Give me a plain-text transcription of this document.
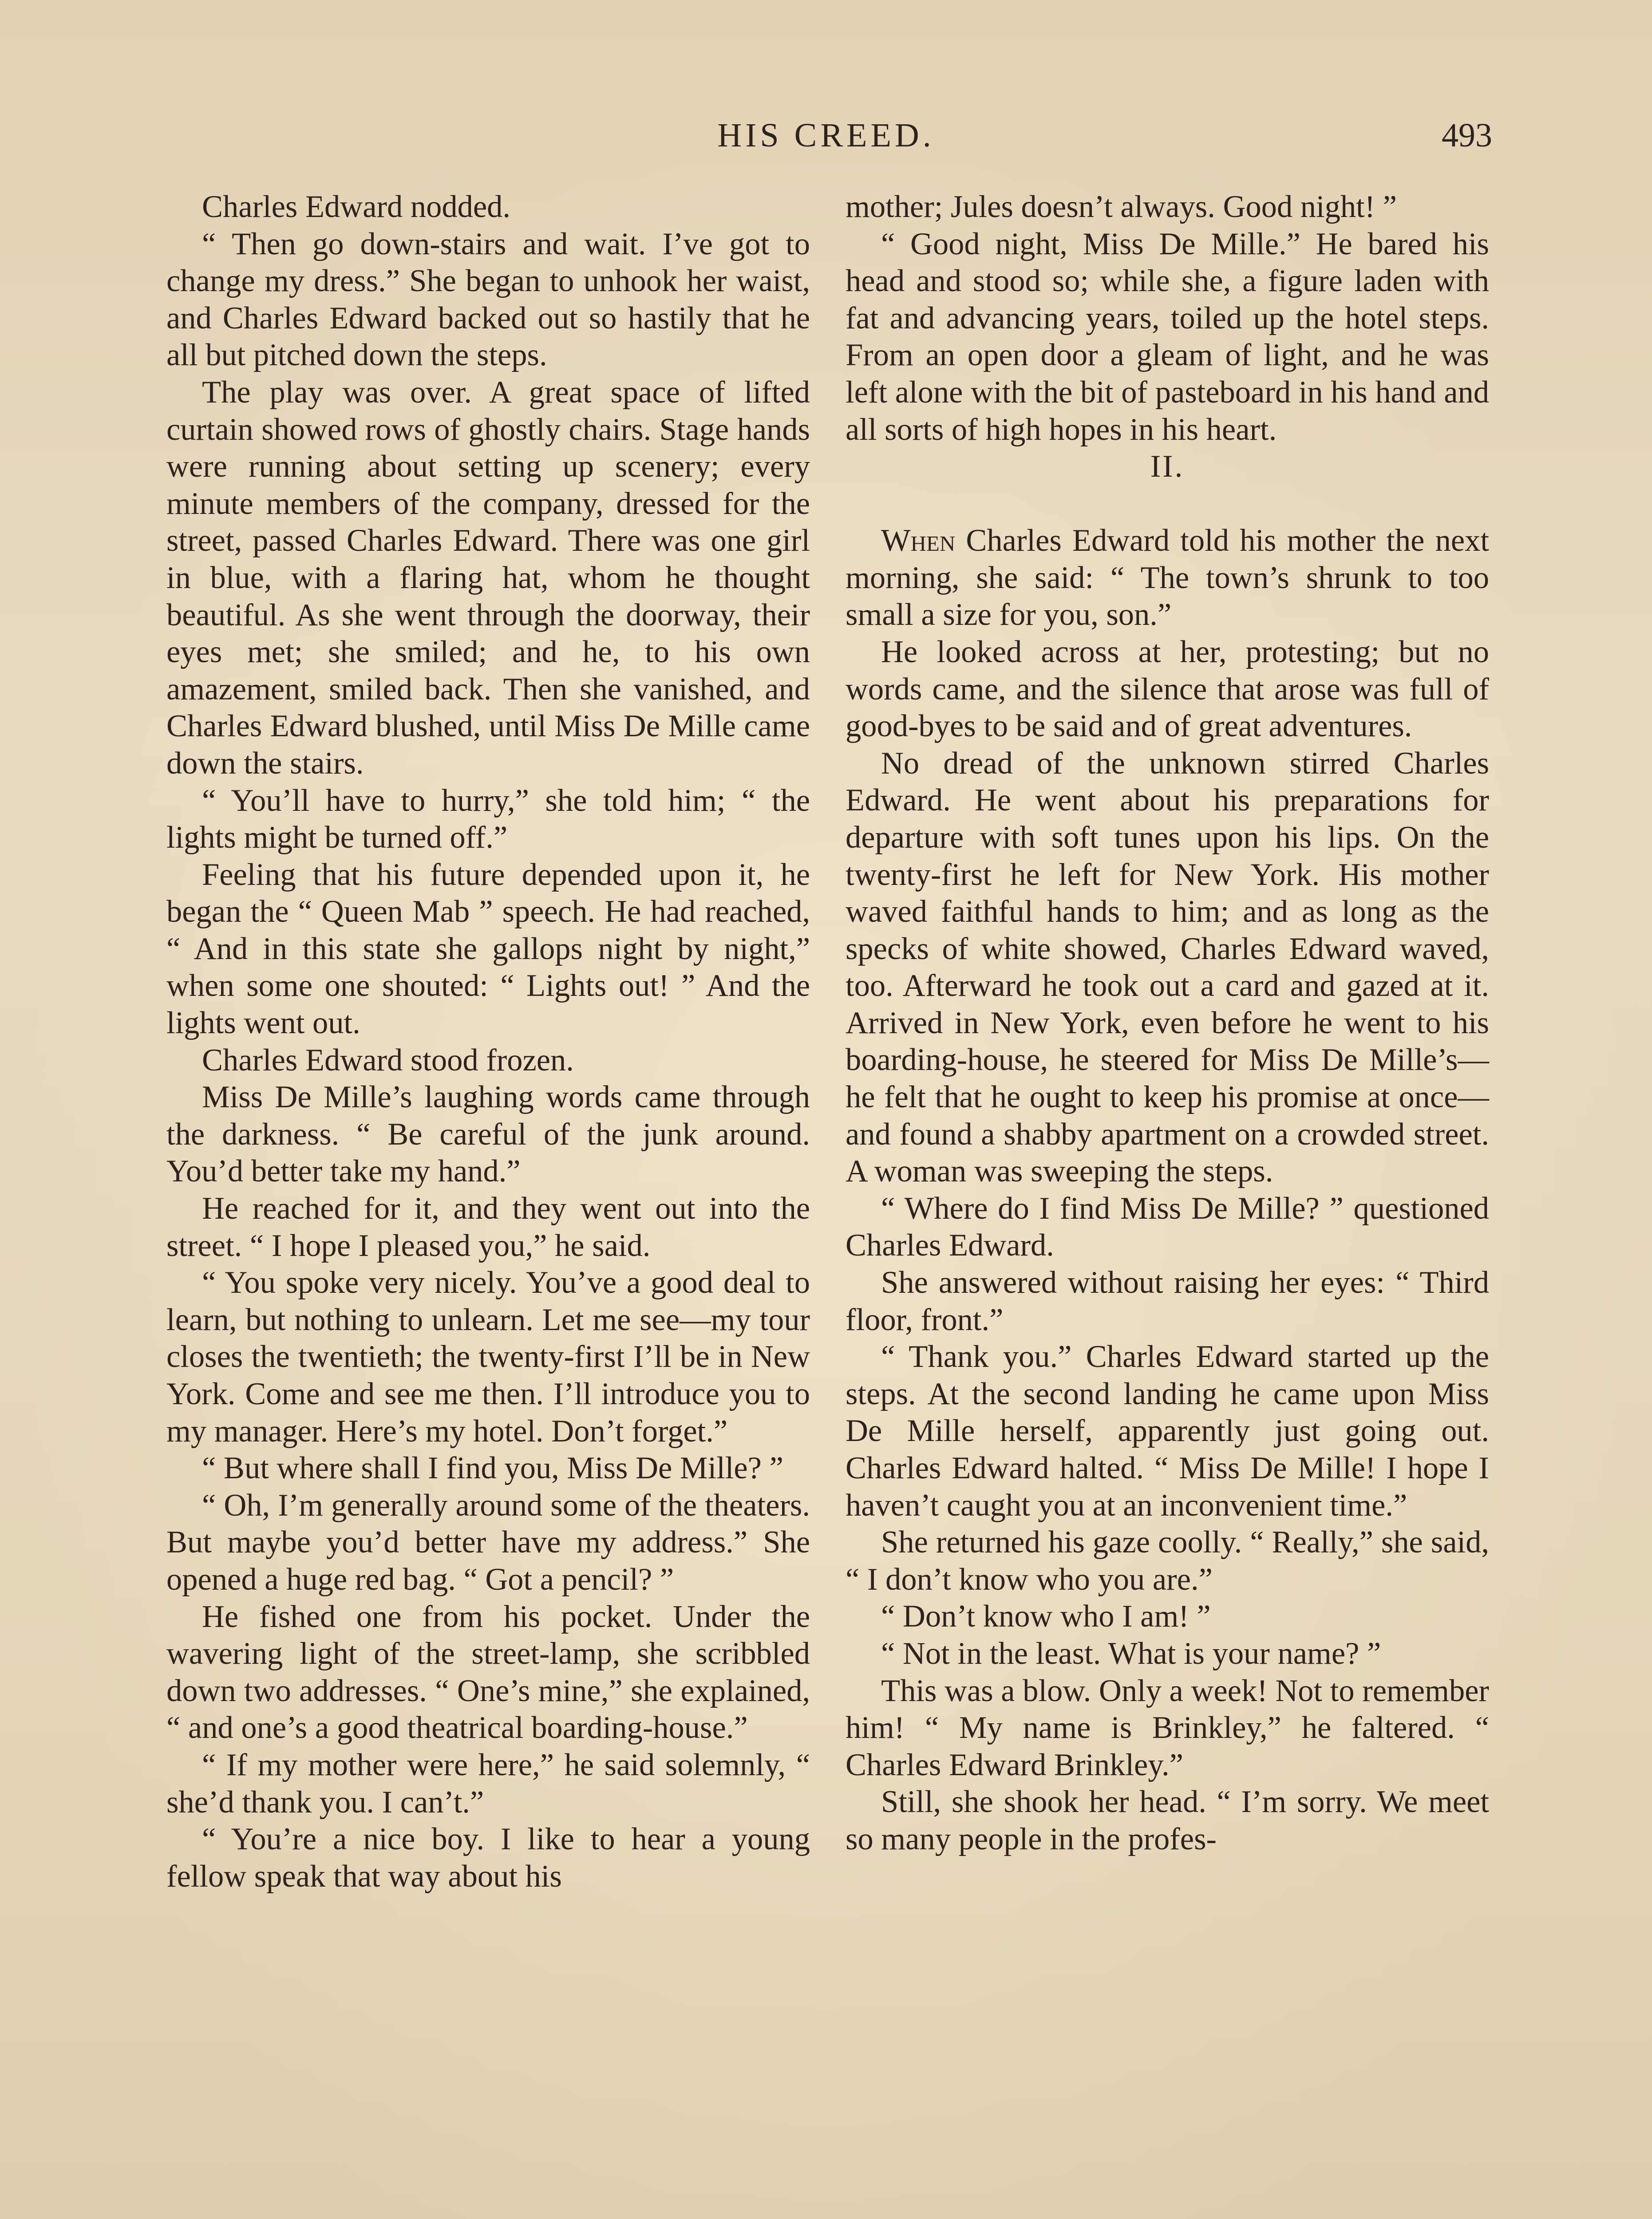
HIS CREED.	493

Charles Edward nodded.

“ Then go down-stairs and wait. I’ve got to change my dress.” She began to unhook her waist, and Charles Edward backed out so hastily that he all but pitched down the steps.

The play was over. A great space of lifted curtain showed rows of ghostly chairs. Stage hands were running about setting up scenery; every minute members of the company, dressed for the street, passed Charles Edward. There was one girl in blue, with a flaring hat, whom he thought beautiful. As she went through the doorway, their eyes met; she smiled; and he, to his own amazement, smiled back. Then she vanished, and Charles Edward blushed, until Miss De Mille came down the stairs.

“ You’ll have to hurry,” she told him; “ the lights might be turned off.”

Feeling that his future depended upon it, he began the “ Queen Mab ” speech. He had reached, “ And in this state she gallops night by night,” when some one shouted: “ Lights out! ” And the lights went out.

Charles Edward stood frozen.

Miss De Mille’s laughing words came through the darkness. “ Be careful of the junk around. You’d better take my hand.”

He reached for it, and they went out into the street. “ I hope I pleased you,” he said.

“ You spoke very nicely. You’ve a good deal to learn, but nothing to unlearn. Let me see—my tour closes the twentieth; the twenty-first I’ll be in New York. Come and see me then. I’ll introduce you to my manager. Here’s my hotel. Don’t forget.”

“ But where shall I find you, Miss De Mille? ”

“ Oh, I’m generally around some of the theaters. But maybe you’d better have my address.” She opened a huge red bag. “ Got a pencil? ”

He fished one from his pocket. Under the wavering light of the street-lamp, she scribbled down two addresses. “ One’s mine,” she explained, “ and one’s a good theatrical boarding-house.”

“ If my mother were here,” he said solemnly, “ she’d thank you. I can’t.”

“ You’re a nice boy. I like to hear a young fellow speak that way about his

mother; Jules doesn’t always. Good night! ”

“ Good night, Miss De Mille.” He bared his head and stood so; while she, a figure laden with fat and advancing years, toiled up the hotel steps. From an open door a gleam of light, and he was left alone with the bit of pasteboard in his hand and all sorts of high hopes in his heart.

II.

When Charles Edward told his mother the next morning, she said: “ The town’s shrunk to too small a size for you, son.”

He looked across at her, protesting; but no words came, and the silence that arose was full of good-byes to be said and of great adventures.

No dread of the unknown stirred Charles Edward. He went about his preparations for departure with soft tunes upon his lips. On the twenty-first he left for New York. His mother waved faithful hands to him; and as long as the specks of white showed, Charles Edward waved, too. Afterward he took out a card and gazed at it. Arrived in New York, even before he went to his boarding-house, he steered for Miss De Mille’s—he felt that he ought to keep his promise at once—and found a shabby apartment on a crowded street. A woman was sweeping the steps.

“ Where do I find Miss De Mille? ” questioned Charles Edward.

She answered without raising her eyes: “ Third floor, front.”

“ Thank you.” Charles Edward started up the steps. At the second landing he came upon Miss De Mille herself, apparently just going out. Charles Edward halted. “ Miss De Mille! I hope I haven’t caught you at an inconvenient time.”

She returned his gaze coolly. “ Really,” she said, “ I don’t know who you are.”

“ Don’t know who I am! ”

“ Not in the least. What is your name? ”

This was a blow. Only a week! Not to remember him! “ My name is Brinkley,” he faltered. “ Charles Edward Brinkley.”

Still, she shook her head. “ I’m sorry. We meet so many people in the profes-
